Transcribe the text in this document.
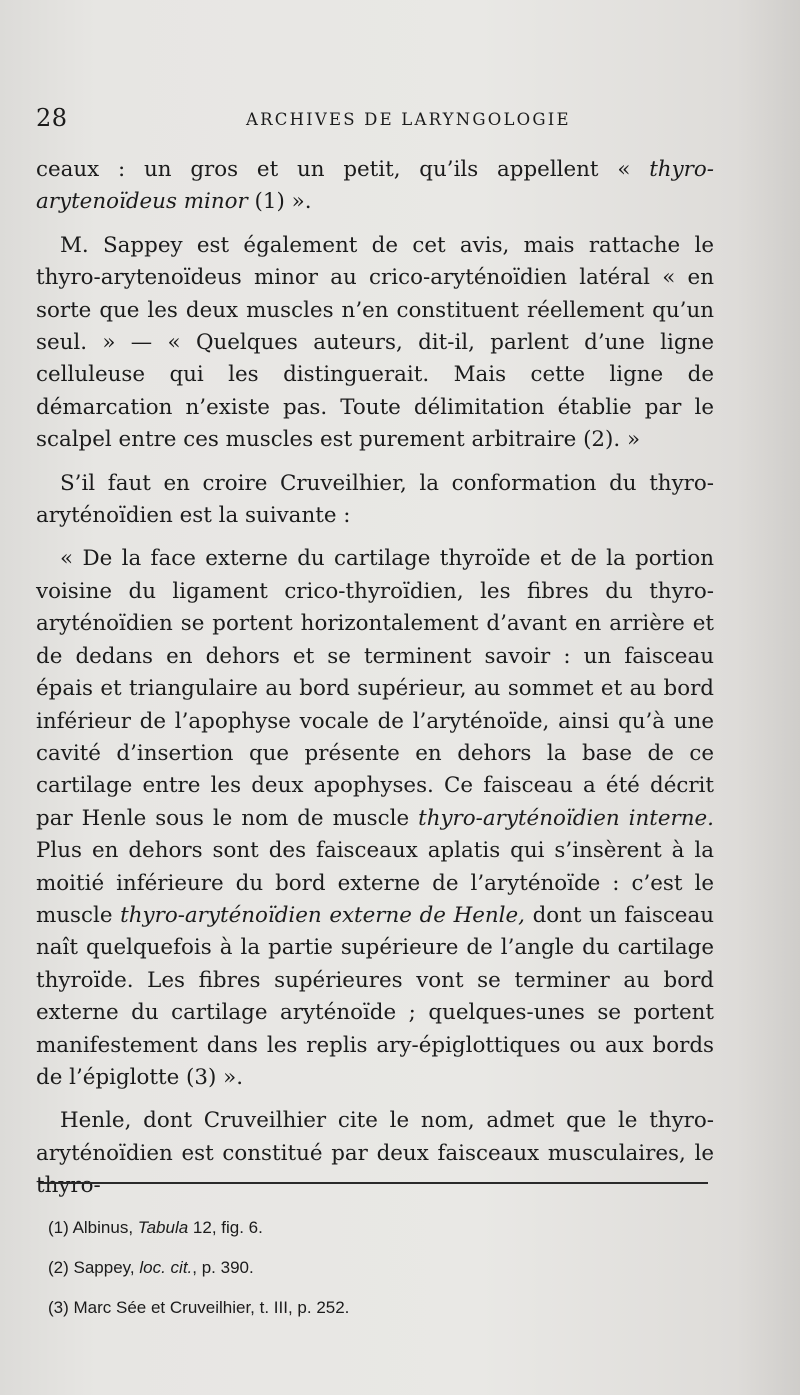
28	ARCHIVES DE LARYNGOLOGIE

ceaux : un gros et un petit, qu’ils appellent « thyro-arytenoïdeus minor (1) ».

M. Sappey est également de cet avis, mais rattache le thyro-arytenoïdeus minor au crico-aryténoïdien latéral « en sorte que les deux muscles n’en constituent réellement qu’un seul. » — « Quelques auteurs, dit-il, parlent d’une ligne celluleuse qui les distinguerait. Mais cette ligne de démarcation n’existe pas. Toute délimitation établie par le scalpel entre ces muscles est purement arbitraire (2). »

S’il faut en croire Cruveilhier, la conformation du thyro-aryténoïdien est la suivante :

« De la face externe du cartilage thyroïde et de la portion voisine du ligament crico-thyroïdien, les fibres du thyro-aryténoïdien se portent horizontalement d’avant en arrière et de dedans en dehors et se terminent savoir : un faisceau épais et triangulaire au bord supérieur, au sommet et au bord inférieur de l’apophyse vocale de l’aryténoïde, ainsi qu’à une cavité d’insertion que présente en dehors la base de ce cartilage entre les deux apophyses. Ce faisceau a été décrit par Henle sous le nom de muscle thyro-aryténoïdien interne. Plus en dehors sont des faisceaux aplatis qui s’insèrent à la moitié inférieure du bord externe de l’aryténoïde : c’est le muscle thyro-aryténoïdien externe de Henle, dont un faisceau naît quelquefois à la partie supérieure de l’angle du cartilage thyroïde. Les fibres supérieures vont se terminer au bord externe du cartilage aryténoïde ; quelques-unes se portent manifestement dans les replis ary-épiglottiques ou aux bords de l’épiglotte (3) ».

Henle, dont Cruveilhier cite le nom, admet que le thyro-aryténoïdien est constitué par deux faisceaux musculaires, le thyro-

(1) Albinus, Tabula 12, fig. 6.
(2) Sappey, loc. cit., p. 390.
(3) Marc Sée et Cruveilhier, t. III, p. 252.
